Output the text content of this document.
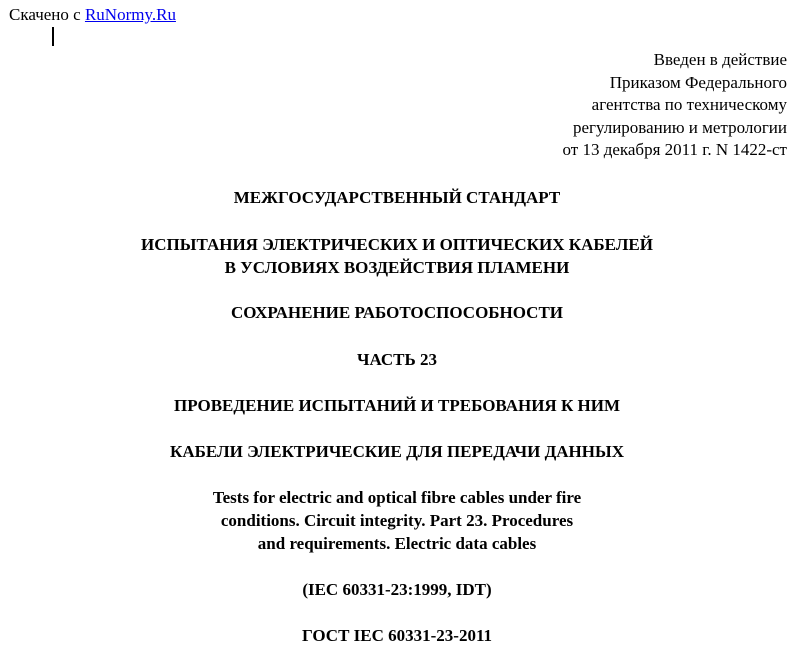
Скачено с RuNormy.Ru
Введен в действие
Приказом Федерального
агентства по техническому
регулированию и метрологии
от 13 декабря 2011 г. N 1422-ст
МЕЖГОСУДАРСТВЕННЫЙ СТАНДАРТ
ИСПЫТАНИЯ ЭЛЕКТРИЧЕСКИХ И ОПТИЧЕСКИХ КАБЕЛЕЙ
В УСЛОВИЯХ ВОЗДЕЙСТВИЯ ПЛАМЕНИ
СОХРАНЕНИЕ РАБОТОСПОСОБНОСТИ
ЧАСТЬ 23
ПРОВЕДЕНИЕ ИСПЫТАНИЙ И ТРЕБОВАНИЯ К НИМ
КАБЕЛИ ЭЛЕКТРИЧЕСКИЕ ДЛЯ ПЕРЕДАЧИ ДАННЫХ
Tests for electric and optical fibre cables under fire
conditions. Circuit integrity. Part 23. Procedures
and requirements. Electric data cables
(IEC 60331-23:1999, IDT)
ГОСТ IEC 60331-23-2011
